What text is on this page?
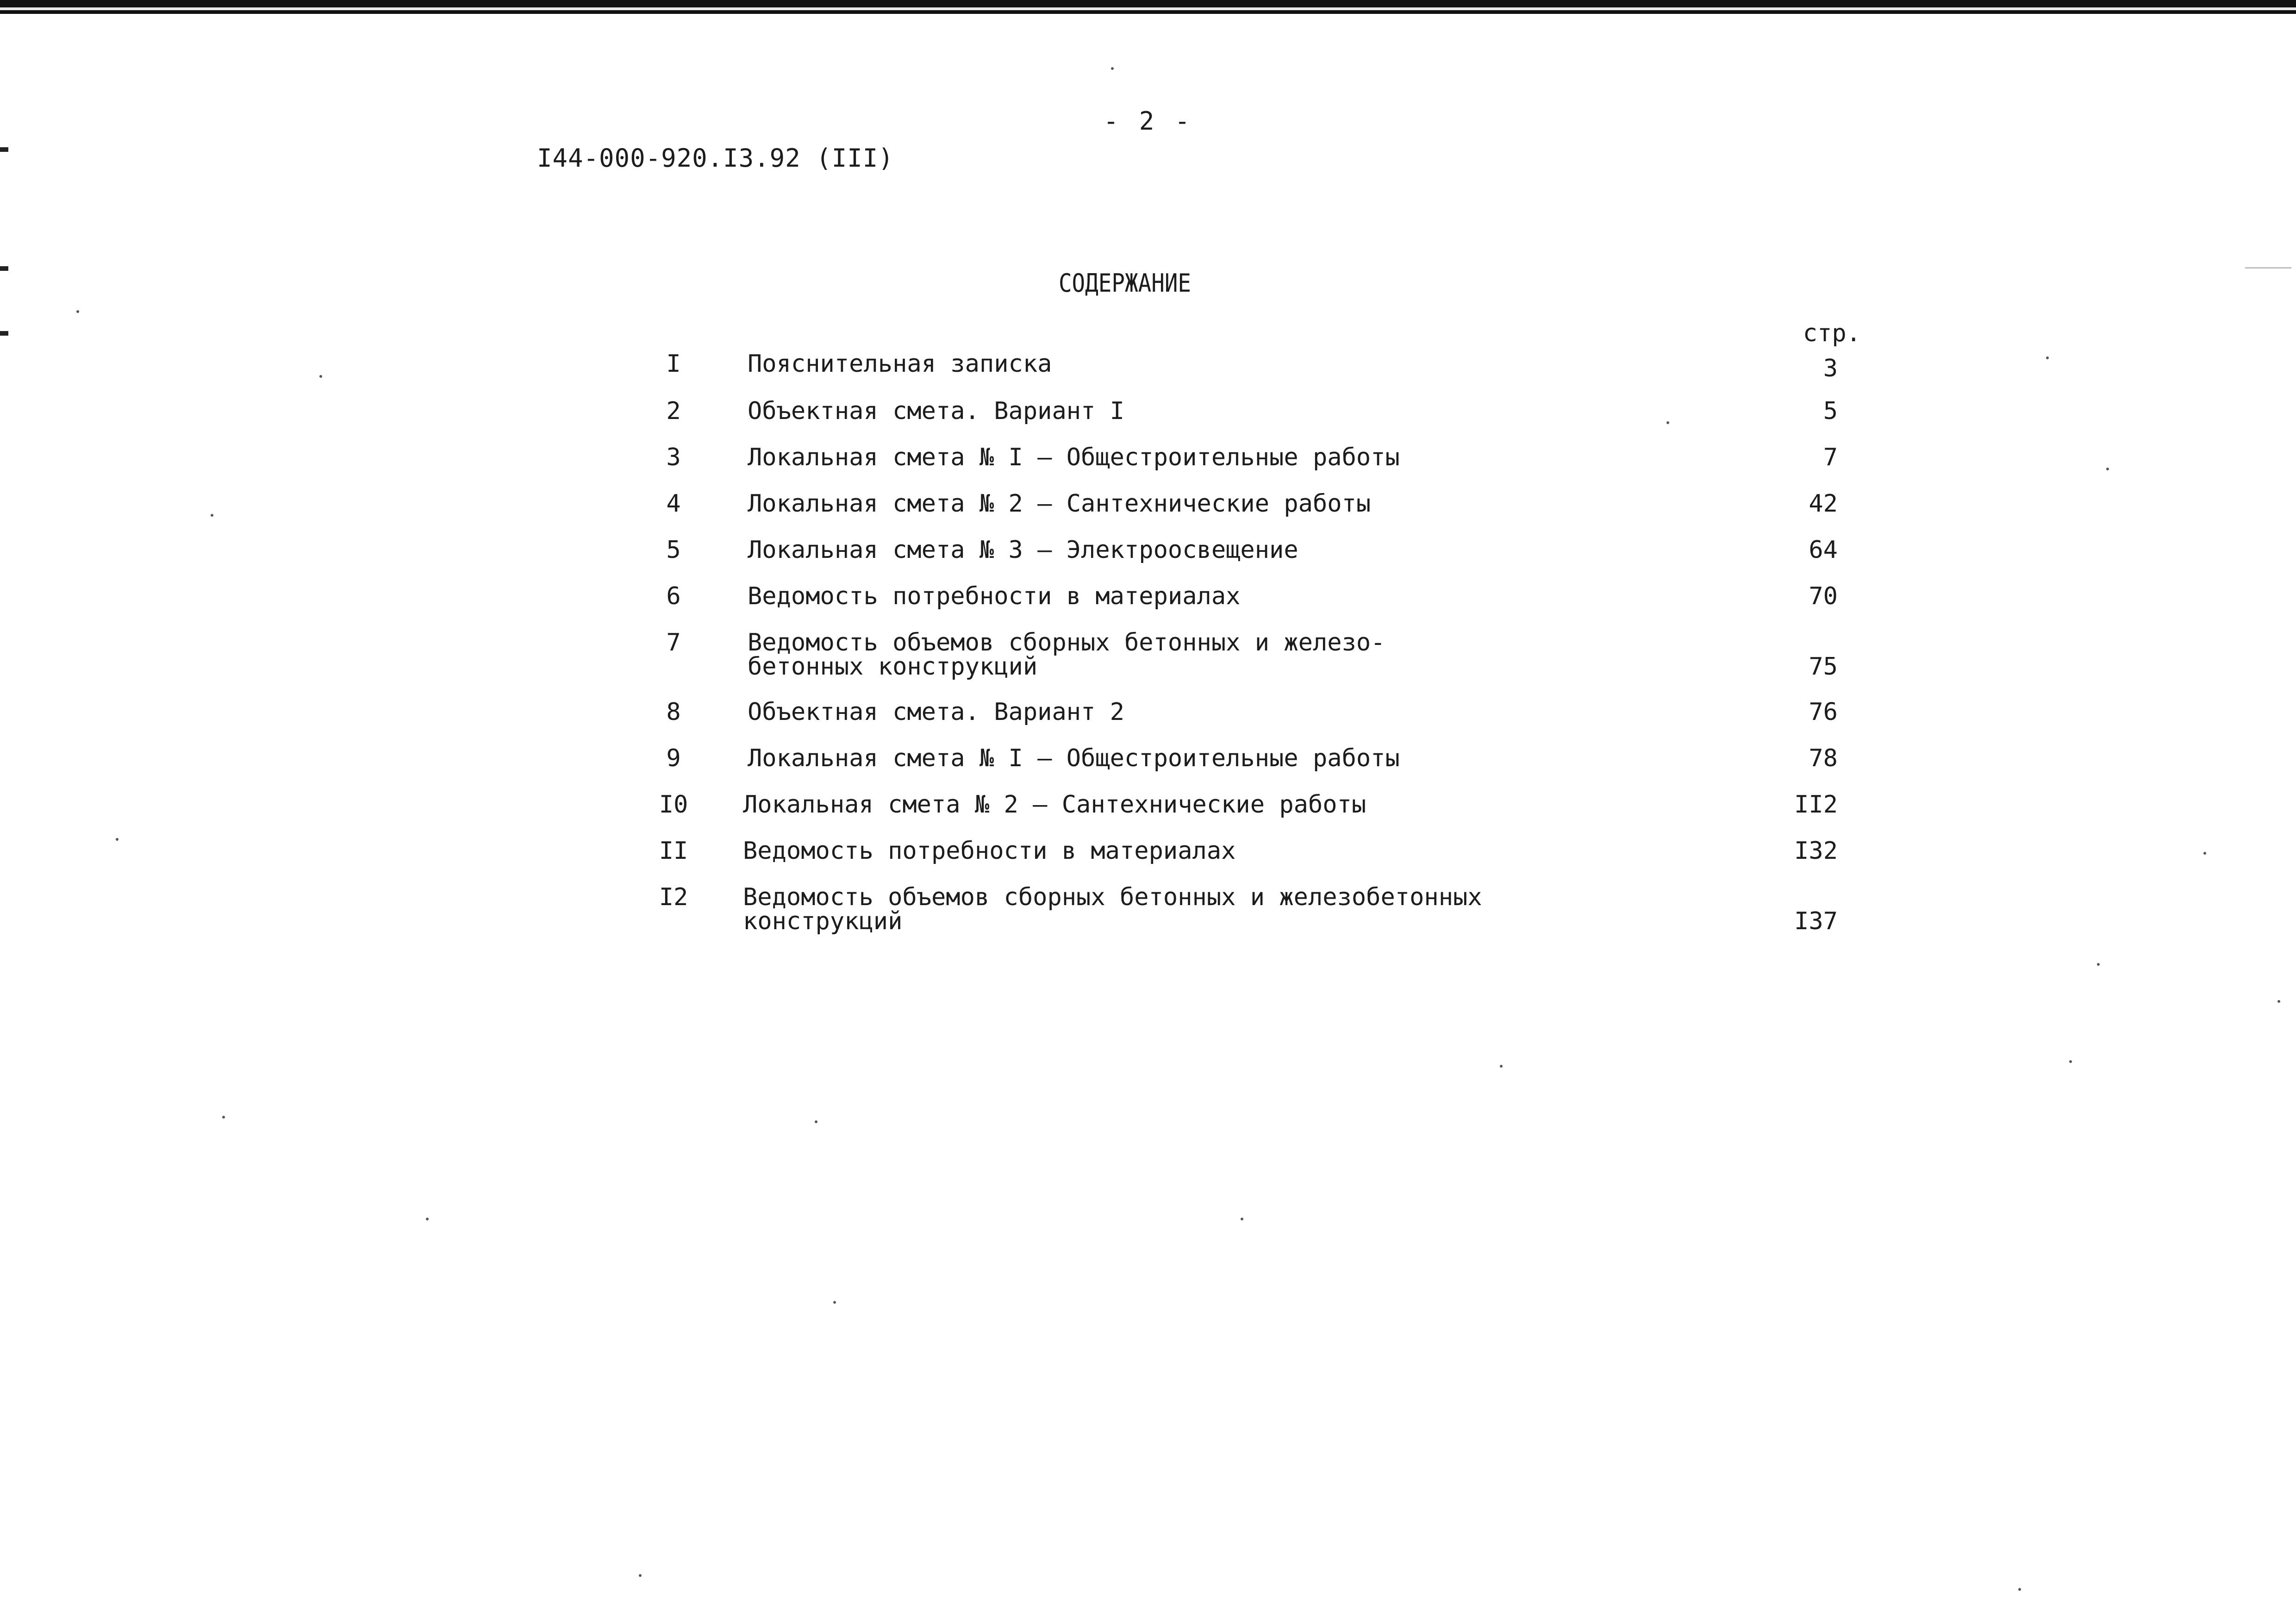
- 2 -
I44-000-920.I3.92 (III)
СОДЕРЖАНИЕ
стр.
I	Пояснительная записка	3
2	Объектная смета. Вариант I	5
3	Локальная смета № I – Общестроительные работы	7
4	Локальная смета № 2 – Сантехнические работы	42
5	Локальная смета № 3 – Электроосвещение	64
6	Ведомость потребности в материалах	70
7	Ведомость объемов сборных бетонных и железо-
бетонных конструкций	75
8	Объектная смета. Вариант 2	76
9	Локальная смета № I – Общестроительные работы	78
I0	Локальная смета № 2 – Сантехнические работы	II2
II	Ведомость потребности в материалах	I32
I2	Ведомость объемов сборных бетонных и железобетонных
конструкций	I37
